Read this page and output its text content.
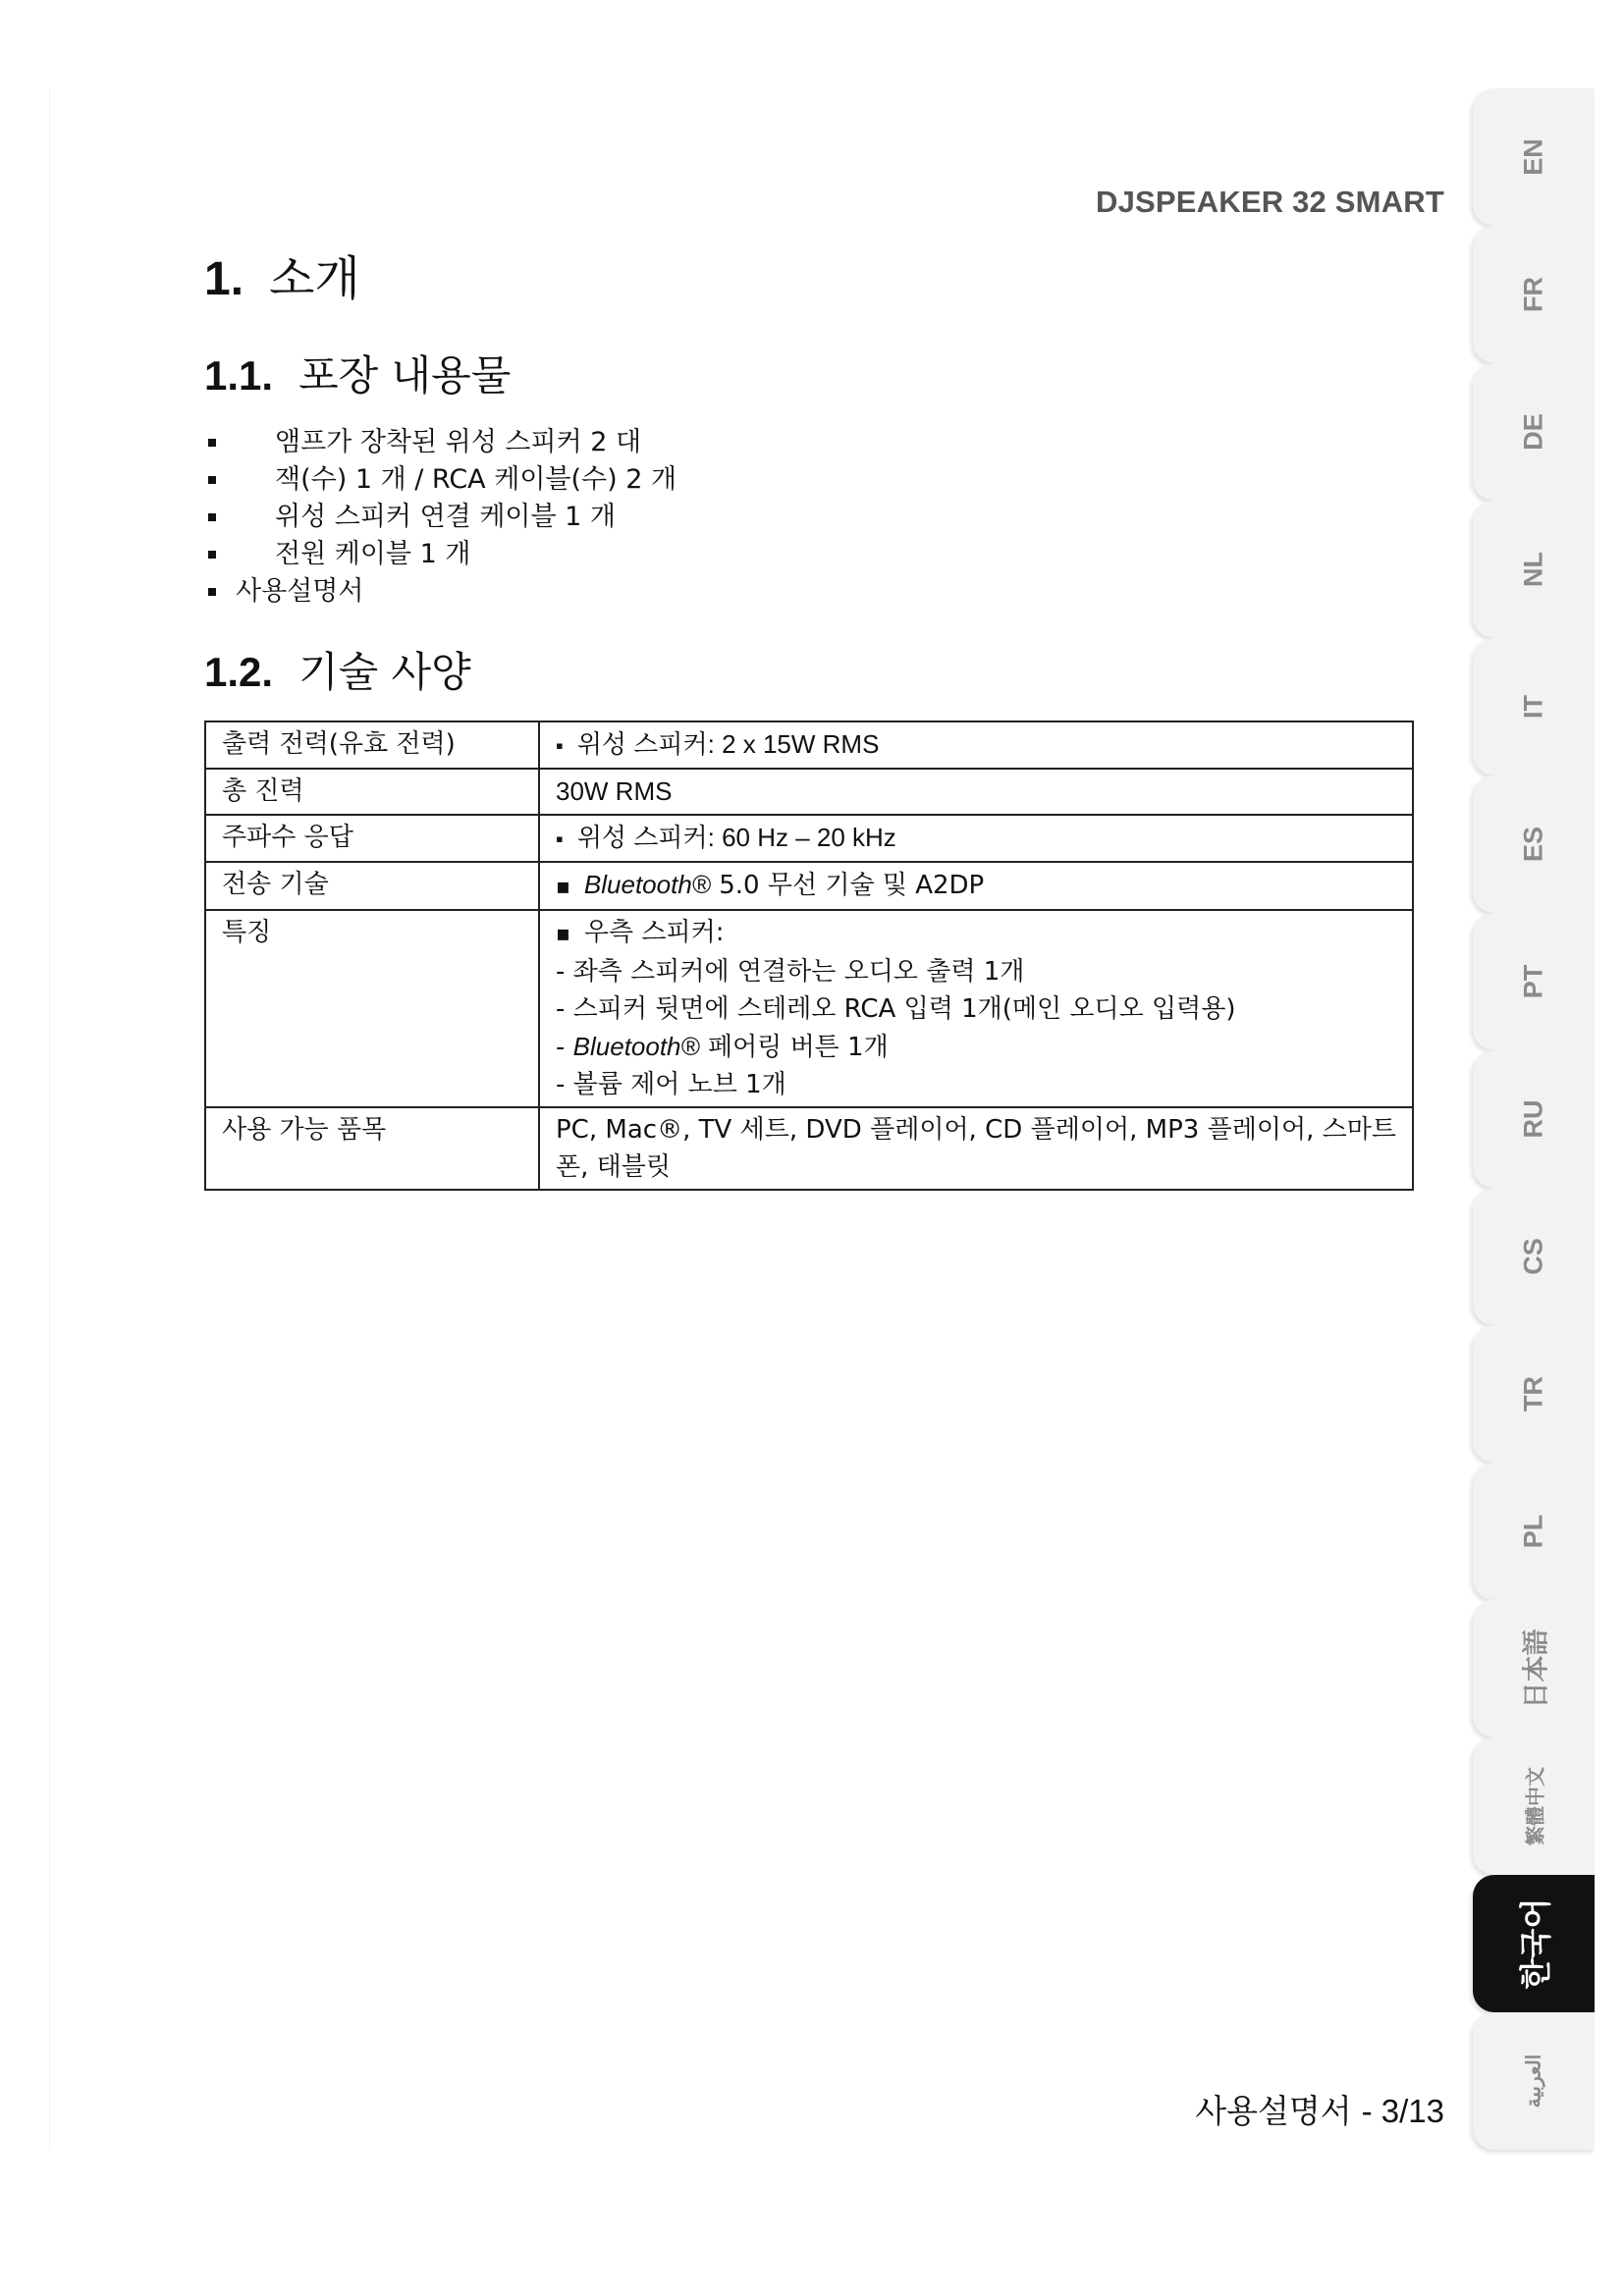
DJSPEAKER 32 SMART
1. 소개
1.1. 포장 내용물
앰프가 장착된 위성 스피커 2 대
잭(수) 1 개 / RCA 케이블(수) 2 개
위성 스피커 연결 케이블 1 개
전원 케이블 1 개
사용설명서
1.2. 기술 사양
출력 전력(유효 전력)	▪ 위성 스피커: 2 x 15W RMS
총 진력	30W RMS
주파수 응답	▪ 위성 스피커: 60 Hz – 20 kHz
전송 기술	▪ Bluetooth® 5.0 무선 기술 및 A2DP
특징	▪ 우측 스피커:
- 좌측 스피커에 연결하는 오디오 출력 1개
- 스피커 뒷면에 스테레오 RCA 입력 1개(메인 오디오 입력용)
- Bluetooth® 페어링 버튼 1개
- 볼륨 제어 노브 1개

사용 가능 품목	PC, Mac®, TV 세트, DVD 플레이어, CD 플레이어, MP3 플레이어, 스마트폰, 태블릿
사용설명서 - 3/13
EN
FR
DE
NL
IT
ES
PT
RU
CS
TR
PL
日本語
繁體中文
한국어
العربية
